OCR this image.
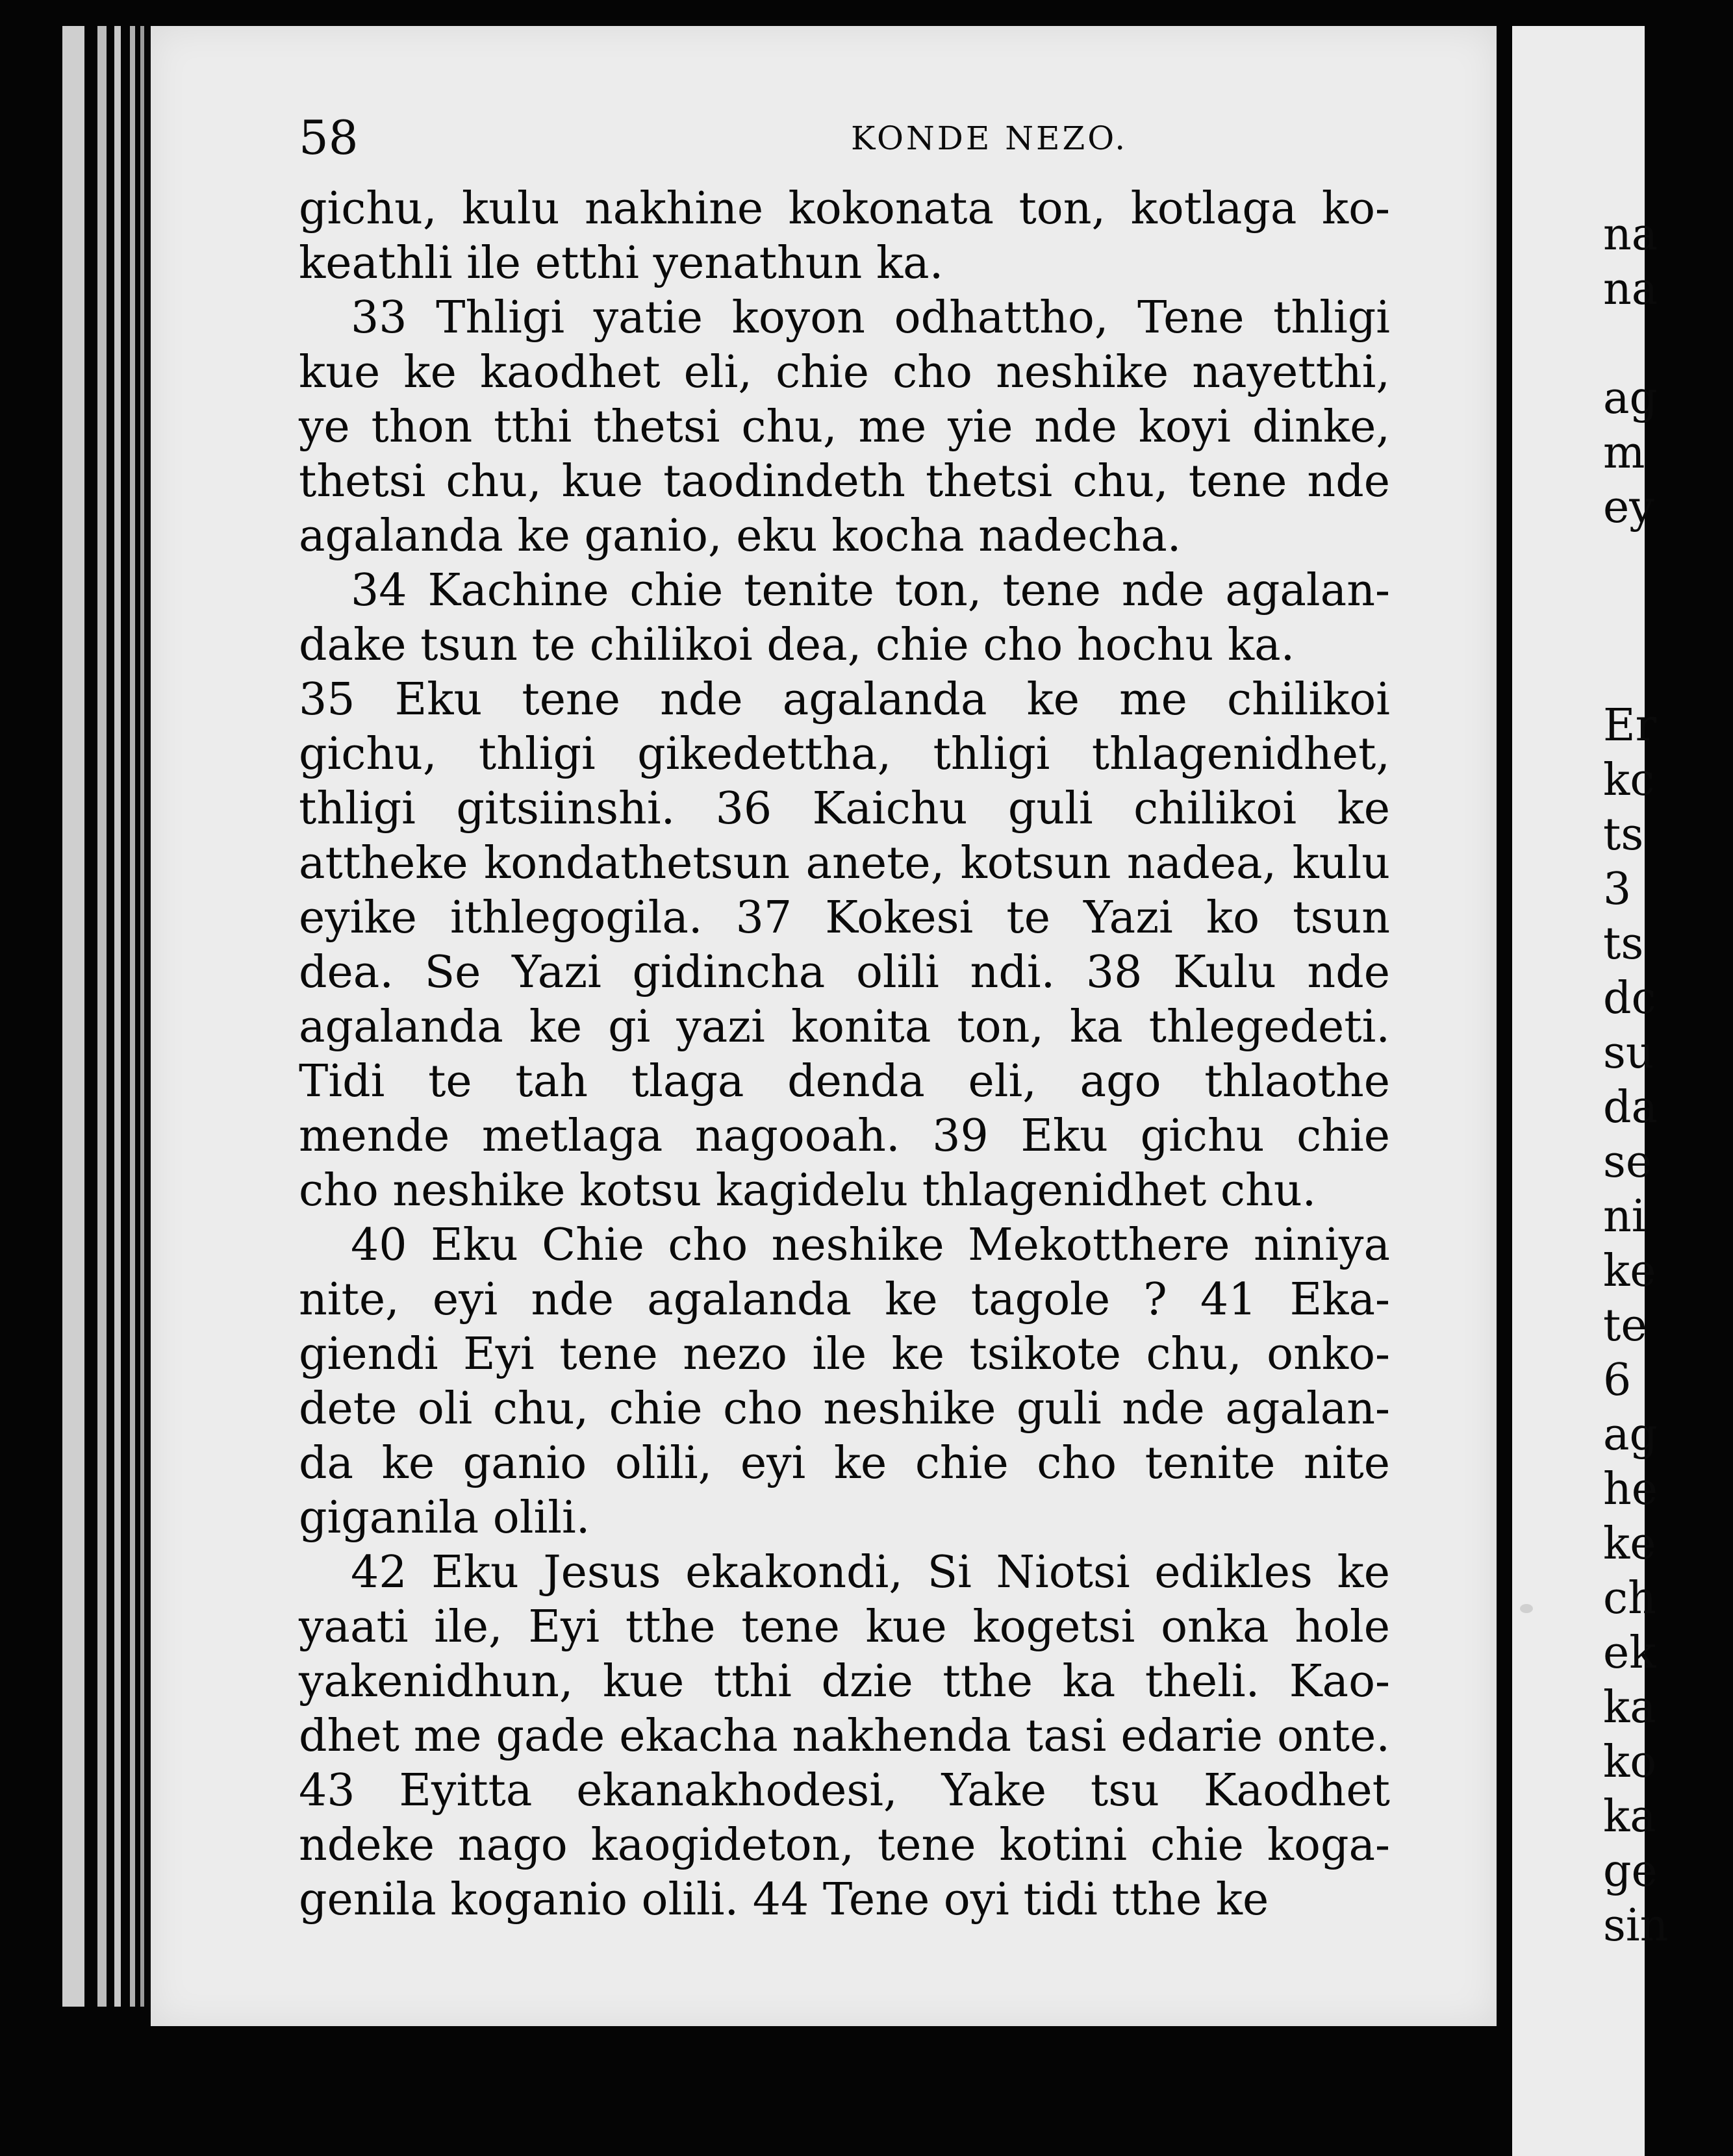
58	KONDE NEZO.
gichu, kulu nakhine kokonata ton, kotlaga ko-
keathli ile etthi yenathun ka.
33 Thligi yatie koyon odhattho, Tene thligi
kue ke kaodhet eli, chie cho neshike nayetthi,
ye thon tthi thetsi chu, me yie nde koyi dinke,
thetsi chu, kue taodindeth thetsi chu, tene nde
agalanda ke ganio, eku kocha nadecha.
34 Kachine chie tenite ton, tene nde agalan-
dake tsun te chilikoi dea, chie cho hochu ka.
35 Eku tene nde agalanda ke me chilikoi
gichu, thligi gikedettha, thligi thlagenidhet,
thligi gitsiinshi. 36 Kaichu guli chilikoi ke
attheke kondathetsun anete, kotsun nadea, kulu
eyike ithlegogila. 37 Kokesi te Yazi ko tsun
dea. Se Yazi gidincha olili ndi. 38 Kulu nde
agalanda ke gi yazi konita ton, ka thlegedeti.
Tidi te tah tlaga denda eli, ago thlaothe
mende metlaga nagooah. 39 Eku gichu chie
cho neshike kotsu kagidelu thlagenidhet chu.
40 Eku Chie cho neshike Mekotthere niniya
nite, eyi nde agalanda ke tagole ? 41 Eka-
giendi Eyi tene nezo ile ke tsikote chu, onko-
dete oli chu, chie cho neshike guli nde agalan-
da ke ganio olili, eyi ke chie cho tenite nite
giganila olili.
42 Eku Jesus ekakondi, Si Niotsi edikles ke
yaati ile, Eyi tthe tene kue kogetsi onka hole
yakenidhun, kue tthi dzie tthe ka theli. Kao-
dhet me gade ekacha nakhenda tasi edarie onte.
43 Eyitta ekanakhodesi, Yake tsu Kaodhet
ndeke nago kaogideton, tene kotini chie koga-
genila koganio olili. 44 Tene oyi tidi tthe ke
na
na
ag
m
ey
Er
kc
ts
3
ts
dc
su
da
se
ni
ke
te
6
ag
he
ke
ch
ek
ka
ko
ka
ge
sin
